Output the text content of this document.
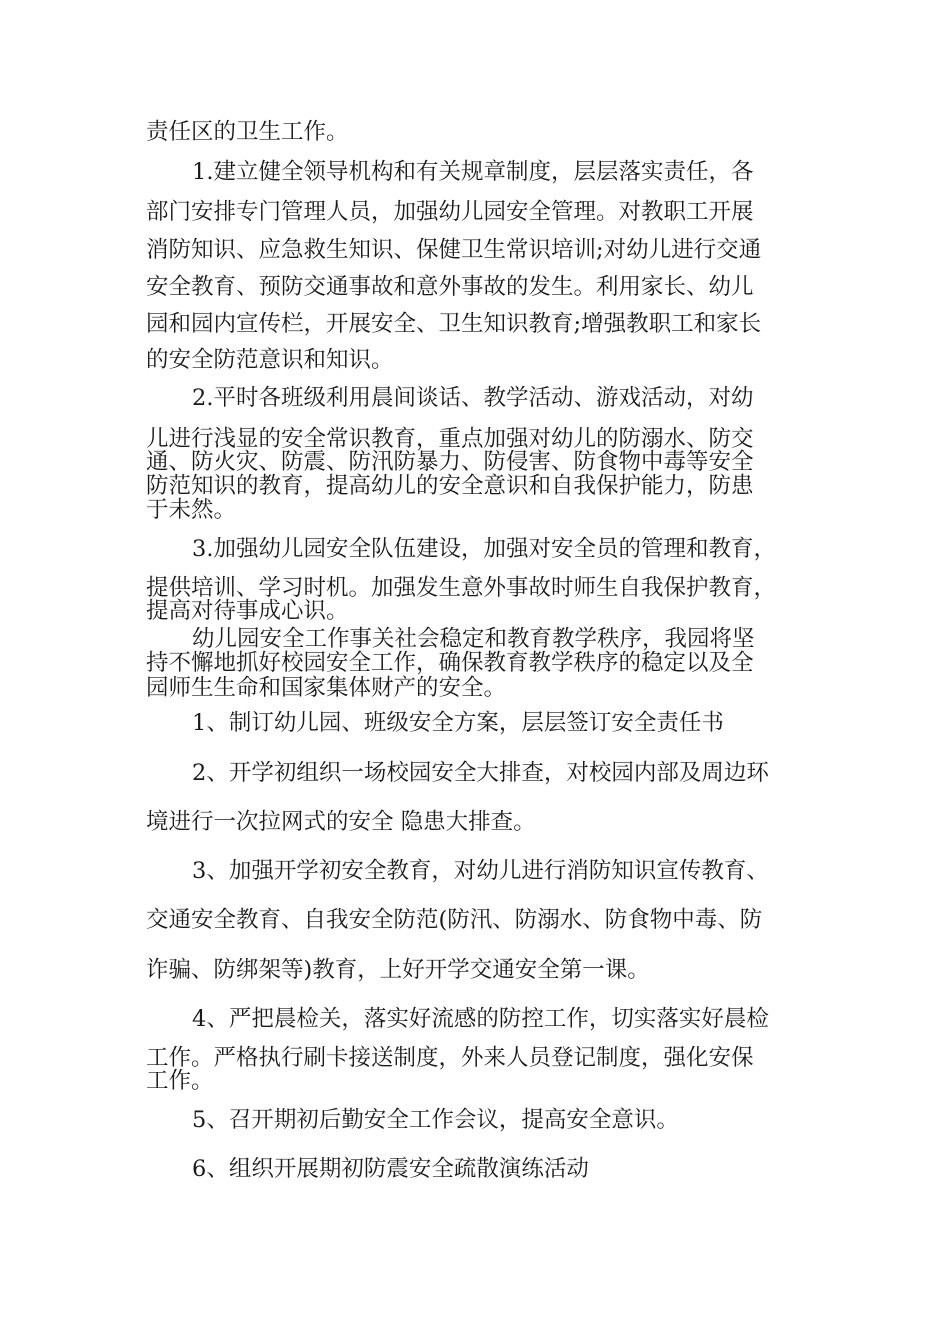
责任区的卫生工作。
1.建立健全领导机构和有关规章制度，层层落实责任，各
部门安排专门管理人员，加强幼儿园安全管理。对教职工开展
消防知识、应急救生知识、保健卫生常识培训;对幼儿进行交通
安全教育、预防交通事故和意外事故的发生。利用家长、幼儿
园和园内宣传栏，开展安全、卫生知识教育;增强教职工和家长
的安全防范意识和知识。
2.平时各班级利用晨间谈话、教学活动、游戏活动，对幼
儿进行浅显的安全常识教育，重点加强对幼儿的防溺水、防交
通、防火灾、防震、防汛防暴力、防侵害、防食物中毒等安全
防范知识的教育，提高幼儿的安全意识和自我保护能力，防患
于未然。
3.加强幼儿园安全队伍建设，加强对安全员的管理和教育，
提供培训、学习时机。加强发生意外事故时师生自我保护教育，
提高对待事成心识。
幼儿园安全工作事关社会稳定和教育教学秩序，我园将坚
持不懈地抓好校园安全工作，确保教育教学秩序的稳定以及全
园师生生命和国家集体财产的安全。
1、制订幼儿园、班级安全方案，层层签订安全责任书
2、开学初组织一场校园安全大排查，对校园内部及周边环
境进行一次拉网式的安全 隐患大排查。
3、加强开学初安全教育，对幼儿进行消防知识宣传教育、
交通安全教育、自我安全防范(防汛、防溺水、防食物中毒、防
诈骗、防绑架等)教育，上好开学交通安全第一课。
4、严把晨检关，落实好流感的防控工作，切实落实好晨检
工作。严格执行刷卡接送制度，外来人员登记制度，强化安保
工作。
5、召开期初后勤安全工作会议，提高安全意识。
6、组织开展期初防震安全疏散演练活动
